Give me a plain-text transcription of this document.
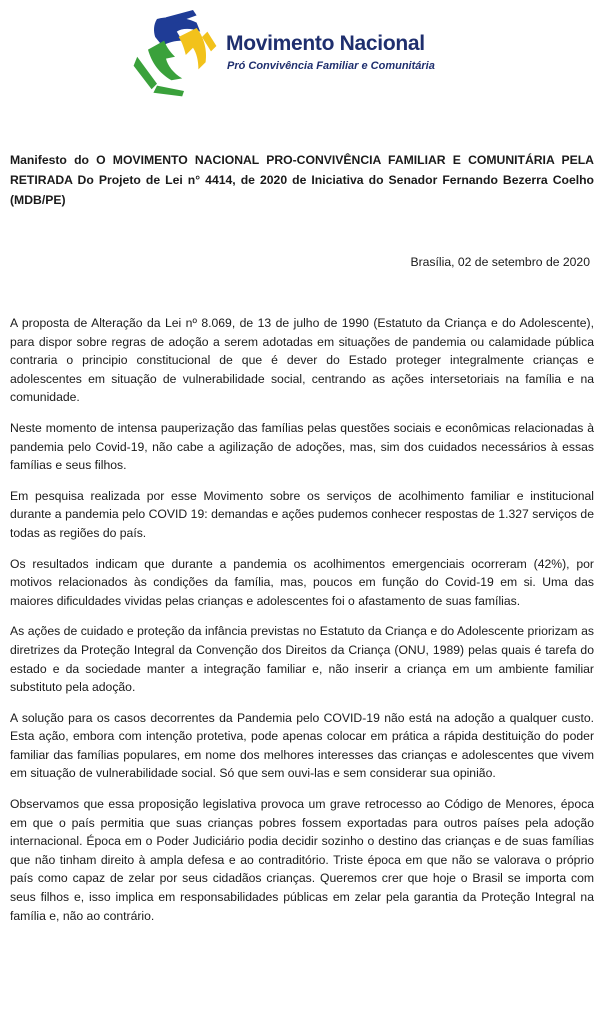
Movimento Nacional
Pró Convivência Familiar e Comunitária

Manifesto do O MOVIMENTO NACIONAL PRO-CONVIVÊNCIA FAMILIAR E COMUNITÁRIA PELA RETIRADA Do Projeto de Lei n° 4414, de 2020 de Iniciativa do Senador Fernando Bezerra Coelho (MDB/PE)

Brasília, 02 de setembro de 2020

A proposta de Alteração da Lei nº 8.069, de 13 de julho de 1990 (Estatuto da Criança e do Adolescente), para dispor sobre regras de adoção a serem adotadas em situações de pandemia ou calamidade pública contraria o principio constitucional de que é dever do Estado proteger integralmente crianças e adolescentes em situação de vulnerabilidade social, centrando as ações intersetoriais na família e na comunidade.

Neste momento de intensa pauperização das famílias pelas questões sociais e econômicas relacionadas à pandemia pelo Covid-19, não cabe a agilização de adoções, mas, sim dos cuidados necessários à essas famílias e seus filhos.

Em pesquisa realizada por esse Movimento sobre os serviços de acolhimento familiar e institucional durante a pandemia pelo COVID 19: demandas e ações pudemos conhecer respostas de 1.327 serviços de todas as regiões do país.

Os resultados indicam que durante a pandemia os acolhimentos emergenciais ocorreram (42%), por motivos relacionados às condições da família, mas, poucos em função do Covid-19 em si. Uma das maiores dificuldades vividas pelas crianças e adolescentes foi o afastamento de suas famílias.

As ações de cuidado e proteção da infância previstas no Estatuto da Criança e do Adolescente priorizam as diretrizes da Proteção Integral da Convenção dos Direitos da Criança (ONU, 1989) pelas quais é tarefa do estado e da sociedade manter a integração familiar e, não inserir a criança em um ambiente familiar substituto pela adoção.

A solução para os casos decorrentes da Pandemia pelo COVID-19 não está na adoção a qualquer custo. Esta ação, embora com intenção protetiva, pode apenas colocar em prática a rápida destituição do poder familiar das famílias populares, em nome dos melhores interesses das crianças e adolescentes que vivem em situação de vulnerabilidade social. Só que sem ouvi-las e sem considerar sua opinião.

Observamos que essa proposição legislativa provoca um grave retrocesso ao Código de Menores, época em que o país permitia que suas crianças pobres fossem exportadas para outros países pela adoção internacional. Época em o Poder Judiciário podia decidir sozinho o destino das crianças e de suas famílias que não tinham direito à ampla defesa e ao contraditório. Triste época em que não se valorava o próprio país como capaz de zelar por seus cidadãos crianças. Queremos crer que hoje o Brasil se importa com seus filhos e, isso implica em responsabilidades públicas em zelar pela garantia da Proteção Integral na família e, não ao contrário.
